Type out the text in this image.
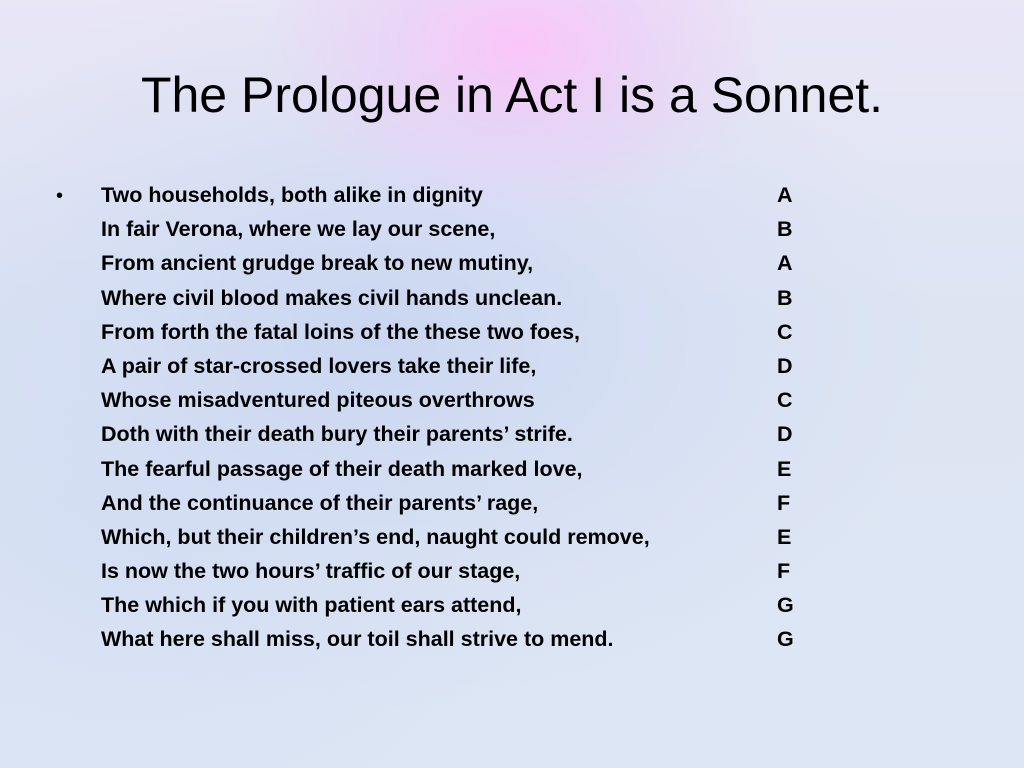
The Prologue in Act I is a Sonnet.
• Two households, both alike in dignity	A
In fair Verona, where we lay our scene,	B
From ancient grudge break to new mutiny,	A
Where civil blood makes civil hands unclean.	B
From forth the fatal loins of the these two foes,	C
A pair of star-crossed lovers take their life,	D
Whose misadventured piteous overthrows	C
Doth with their death bury their parents’ strife.	D
The fearful passage of their death marked love,	E
And the continuance of their parents’ rage,	F
Which, but their children’s end, naught could remove,	E
Is now the two hours’ traffic of our stage,	F
The which if you with patient ears attend,	G
What here shall miss, our toil shall strive to mend.	G
